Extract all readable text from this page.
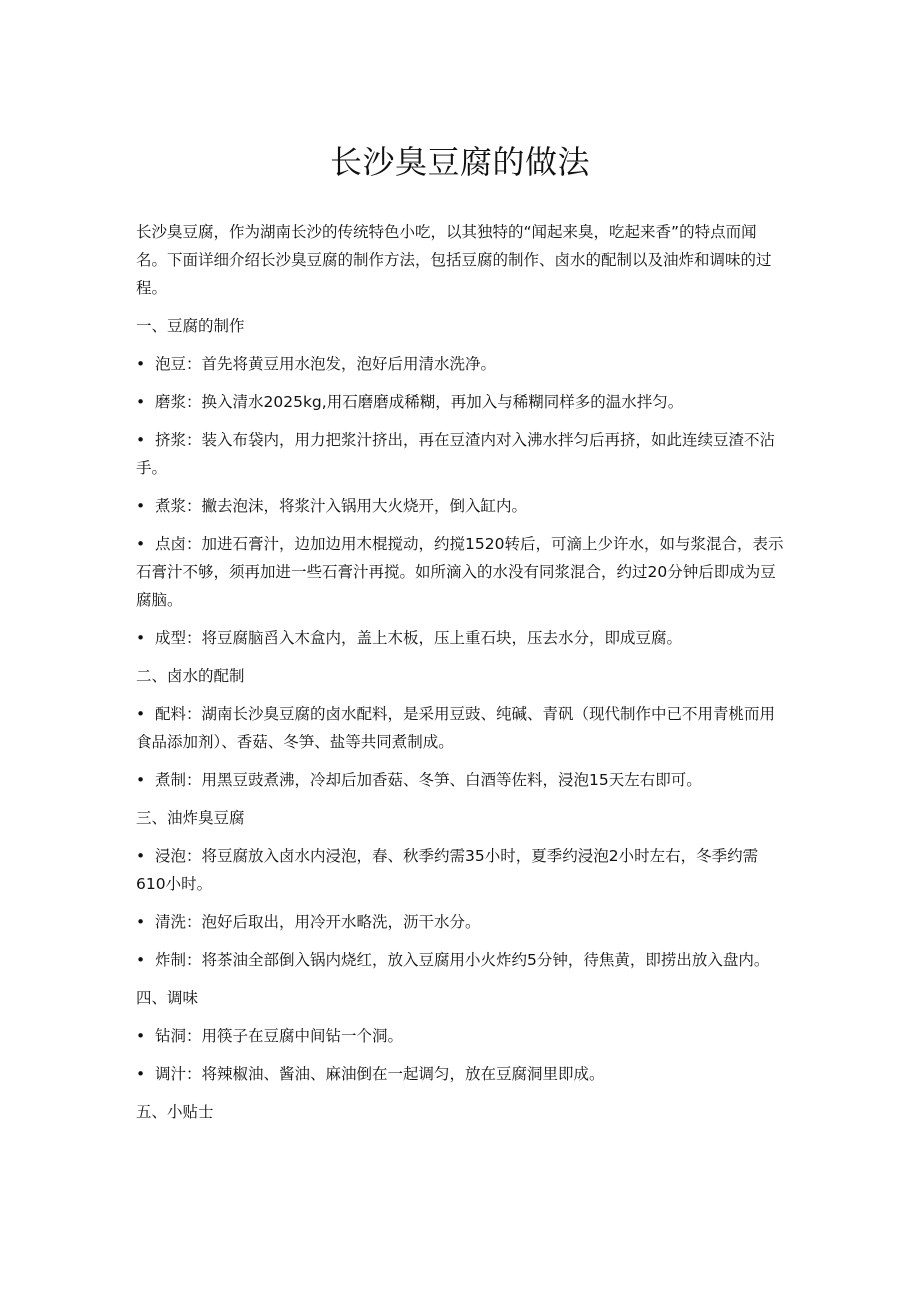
长沙臭豆腐的做法

长沙臭豆腐，作为湖南长沙的传统特色小吃，以其独特的“闻起来臭，吃起来香”的特点而闻名。下面详细介绍长沙臭豆腐的制作方法，包括豆腐的制作、卤水的配制以及油炸和调味的过程。

一、豆腐的制作

• 泡豆：首先将黄豆用水泡发，泡好后用清水洗净。

• 磨浆：换入清水2025kg,用石磨磨成稀糊，再加入与稀糊同样多的温水拌匀。

• 挤浆：装入布袋内，用力把浆汁挤出，再在豆渣内对入沸水拌匀后再挤，如此连续豆渣不沾手。

• 煮浆：撇去泡沫，将浆汁入锅用大火烧开，倒入缸内。

• 点卤：加进石膏汁，边加边用木棍搅动，约搅1520转后，可滴上少许水，如与浆混合，表示石膏汁不够，须再加进一些石膏汁再搅。如所滴入的水没有同浆混合，约过20分钟后即成为豆腐脑。

• 成型：将豆腐脑舀入木盒内，盖上木板，压上重石块，压去水分，即成豆腐。

二、卤水的配制

• 配料：湖南长沙臭豆腐的卤水配料，是采用豆豉、纯碱、青矾（现代制作中已不用青桃而用食品添加剂）、香菇、冬笋、盐等共同煮制成。

• 煮制：用黑豆豉煮沸，冷却后加香菇、冬笋、白酒等佐料，浸泡15天左右即可。

三、油炸臭豆腐

• 浸泡：将豆腐放入卤水内浸泡，春、秋季约需35小时，夏季约浸泡2小时左右，冬季约需610小时。

• 清洗：泡好后取出，用冷开水略洗，沥干水分。

• 炸制：将茶油全部倒入锅内烧红，放入豆腐用小火炸约5分钟，待焦黄，即捞出放入盘内。

四、调味

• 钻洞：用筷子在豆腐中间钻一个洞。

• 调汁：将辣椒油、酱油、麻油倒在一起调匀，放在豆腐洞里即成。

五、小贴士
